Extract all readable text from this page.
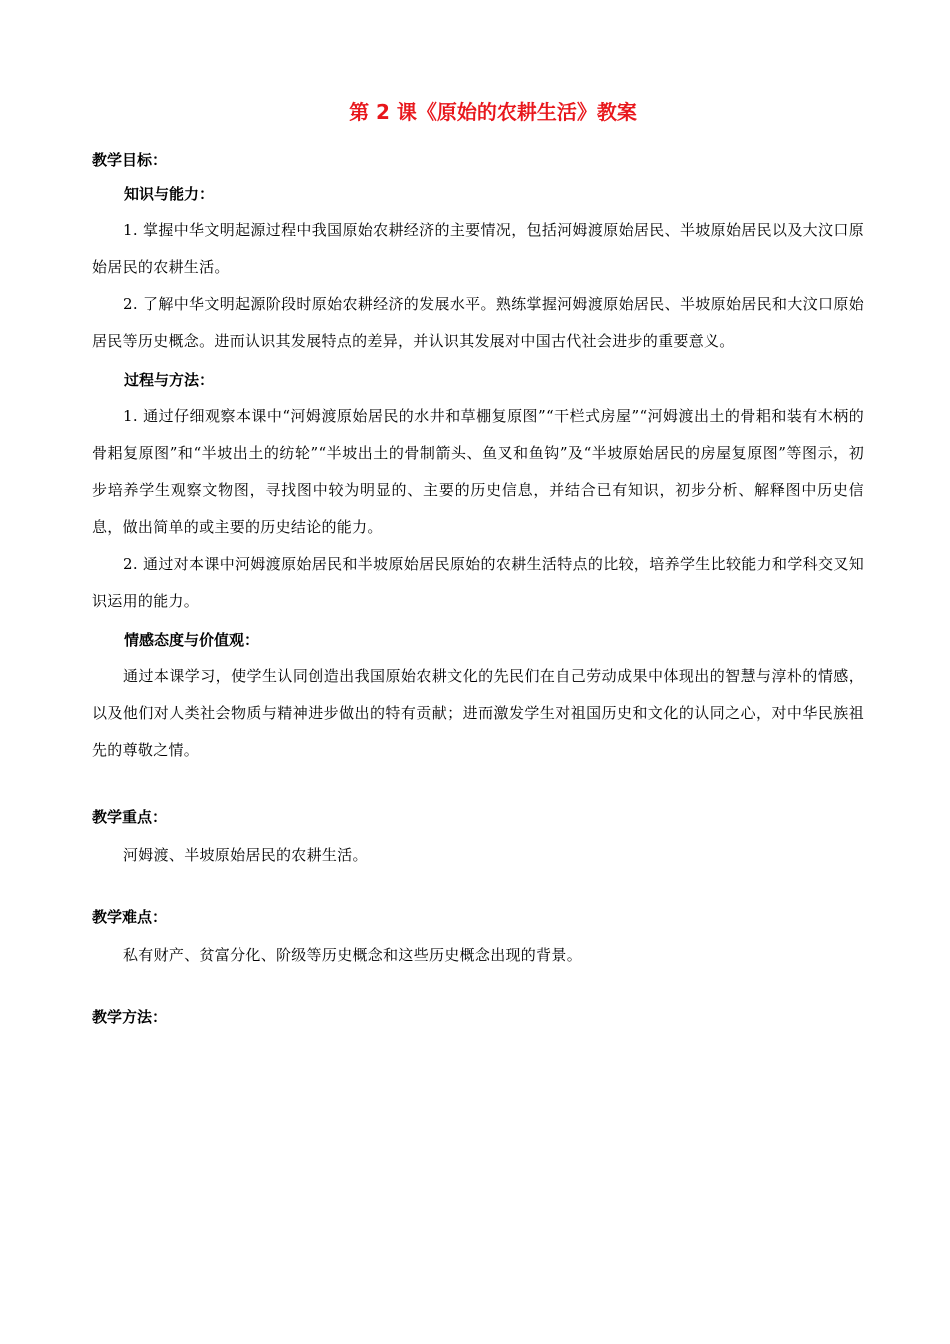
第 2 课《原始的农耕生活》教案
教学目标：
知识与能力：

1. 掌握中华文明起源过程中我国原始农耕经济的主要情况，包括河姆渡原始居民、半坡原始居民以及大汶口原始居民的农耕生活。

2. 了解中华文明起源阶段时原始农耕经济的发展水平。熟练掌握河姆渡原始居民、半坡原始居民和大汶口原始居民等历史概念。进而认识其发展特点的差异，并认识其发展对中国古代社会进步的重要意义。

过程与方法：

1. 通过仔细观察本课中“河姆渡原始居民的水井和草棚复原图”“干栏式房屋”“河姆渡出土的骨耜和装有木柄的骨耜复原图”和“半坡出土的纺轮”“半坡出土的骨制箭头、鱼叉和鱼钩”及“半坡原始居民的房屋复原图”等图示，初步培养学生观察文物图，寻找图中较为明显的、主要的历史信息，并结合已有知识，初步分析、解释图中历史信息，做出简单的或主要的历史结论的能力。

2. 通过对本课中河姆渡原始居民和半坡原始居民原始的农耕生活特点的比较，培养学生比较能力和学科交叉知识运用的能力。

情感态度与价值观：

通过本课学习，使学生认同创造出我国原始农耕文化的先民们在自己劳动成果中体现出的智慧与淳朴的情感，以及他们对人类社会物质与精神进步做出的特有贡献；进而激发学生对祖国历史和文化的认同之心，对中华民族祖先的尊敬之情。

教学重点：

河姆渡、半坡原始居民的农耕生活。

教学难点：

私有财产、贫富分化、阶级等历史概念和这些历史概念出现的背景。

教学方法：
